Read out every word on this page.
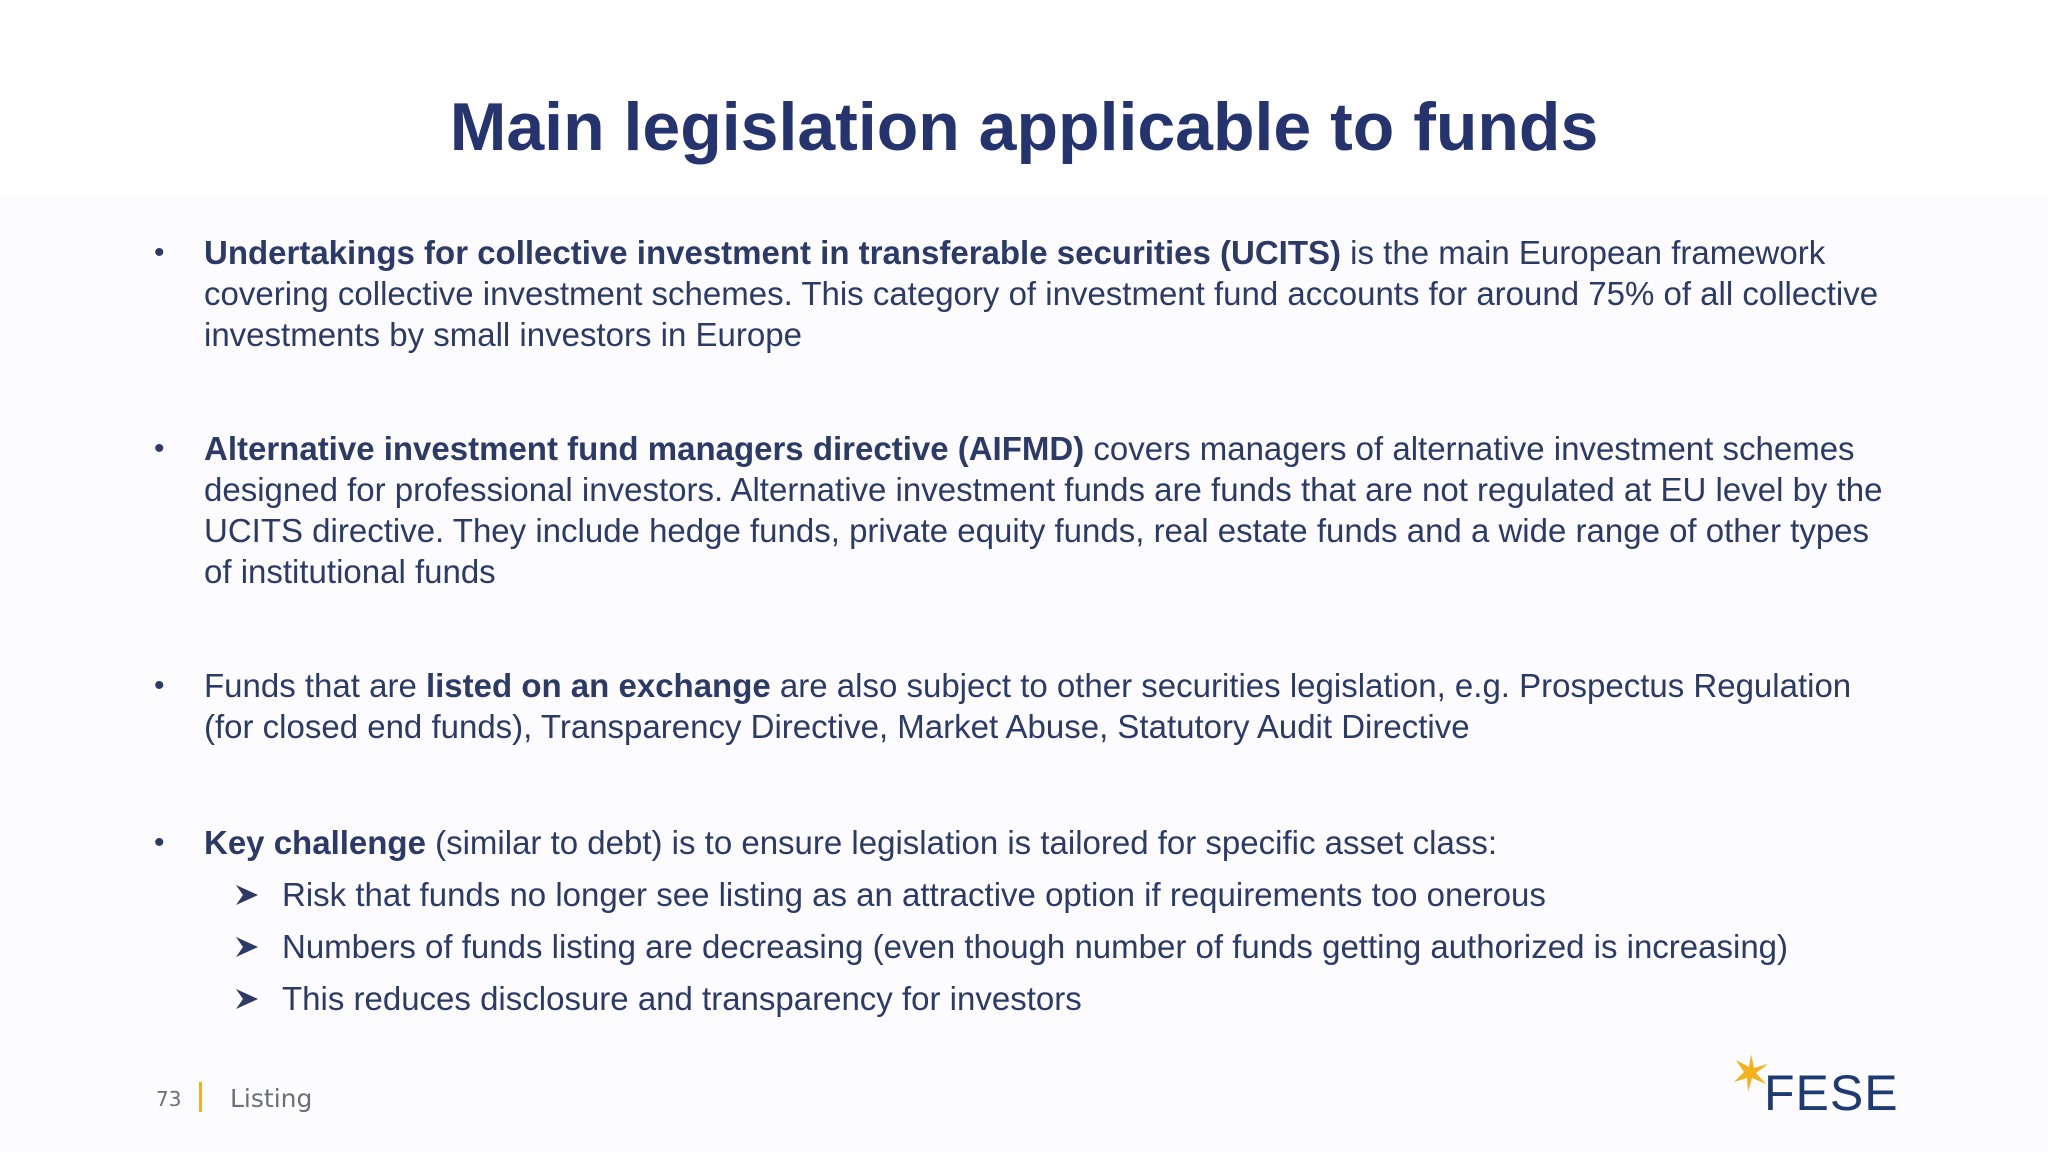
Main legislation applicable to funds
• Undertakings for collective investment in transferable securities (UCITS) is the main European framework covering collective investment schemes. This category of investment fund accounts for around 75% of all collective investments by small investors in Europe
• Alternative investment fund managers directive (AIFMD) covers managers of alternative investment schemes designed for professional investors. Alternative investment funds are funds that are not regulated at EU level by the UCITS directive. They include hedge funds, private equity funds, real estate funds and a wide range of other types of institutional funds
• Funds that are listed on an exchange are also subject to other securities legislation, e.g. Prospectus Regulation (for closed end funds), Transparency Directive, Market Abuse, Statutory Audit Directive
• Key challenge (similar to debt) is to ensure legislation is tailored for specific asset class:
Risk that funds no longer see listing as an attractive option if requirements too onerous
Numbers of funds listing are decreasing (even though number of funds getting authorized is increasing)
This reduces disclosure and transparency for investors
73 Listing	FESE
